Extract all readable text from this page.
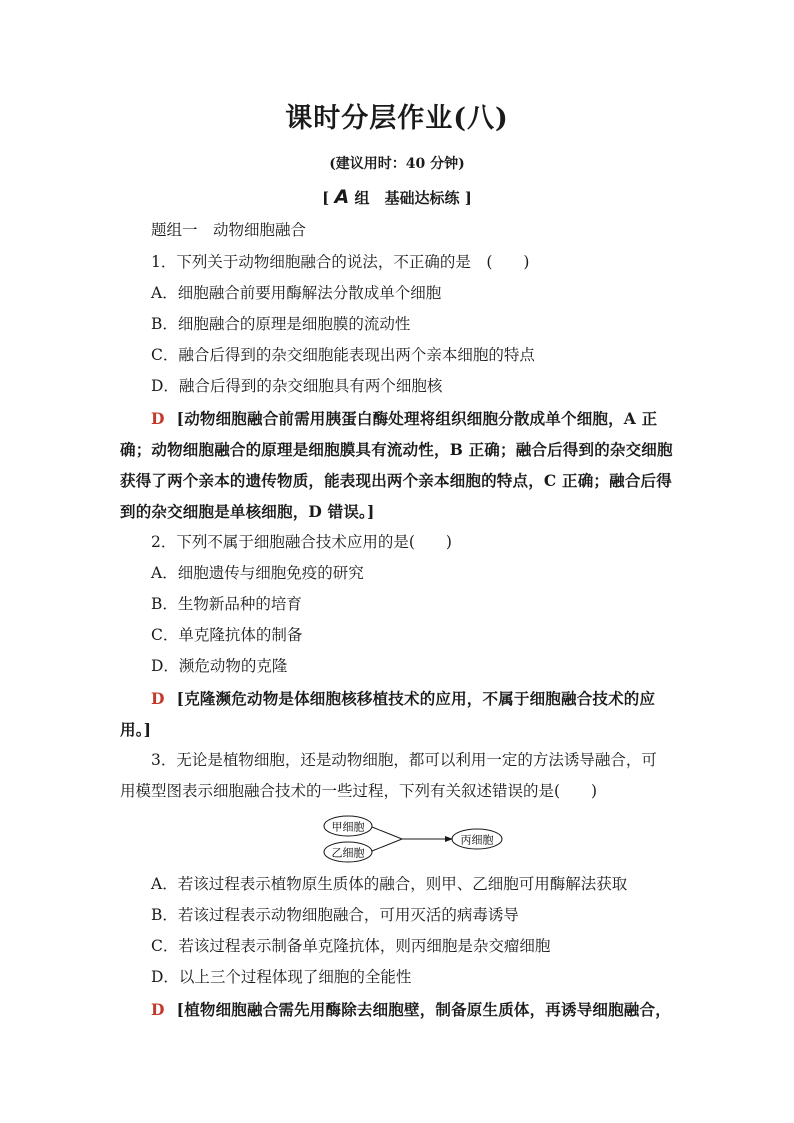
课时分层作业(八)
(建议用时：40 分钟)
[ A 组　基础达标练 ]
题组一　动物细胞融合
1．下列关于动物细胞融合的说法，不正确的是　(　　)
A．细胞融合前要用酶解法分散成单个细胞
B．细胞融合的原理是细胞膜的流动性
C．融合后得到的杂交细胞能表现出两个亲本细胞的特点
D．融合后得到的杂交细胞具有两个细胞核
D [动物细胞融合前需用胰蛋白酶处理将组织细胞分散成单个细胞，A 正
确；动物细胞融合的原理是细胞膜具有流动性，B 正确；融合后得到的杂交细胞
获得了两个亲本的遗传物质，能表现出两个亲本细胞的特点，C 正确；融合后得
到的杂交细胞是单核细胞，D 错误。]
2．下列不属于细胞融合技术应用的是(　　)
A．细胞遗传与细胞免疫的研究
B．生物新品种的培育
C．单克隆抗体的制备
D．濒危动物的克隆
D [克隆濒危动物是体细胞核移植技术的应用，不属于细胞融合技术的应
用。]
3．无论是植物细胞，还是动物细胞，都可以利用一定的方法诱导融合，可
用模型图表示细胞融合技术的一些过程，下列有关叙述错误的是(　　)
甲细胞
乙细胞
丙细胞
A．若该过程表示植物原生质体的融合，则甲、乙细胞可用酶解法获取
B．若该过程表示动物细胞融合，可用灭活的病毒诱导
C．若该过程表示制备单克隆抗体，则丙细胞是杂交瘤细胞
D．以上三个过程体现了细胞的全能性
D [植物细胞融合需先用酶除去细胞壁，制备原生质体，再诱导细胞融合，
